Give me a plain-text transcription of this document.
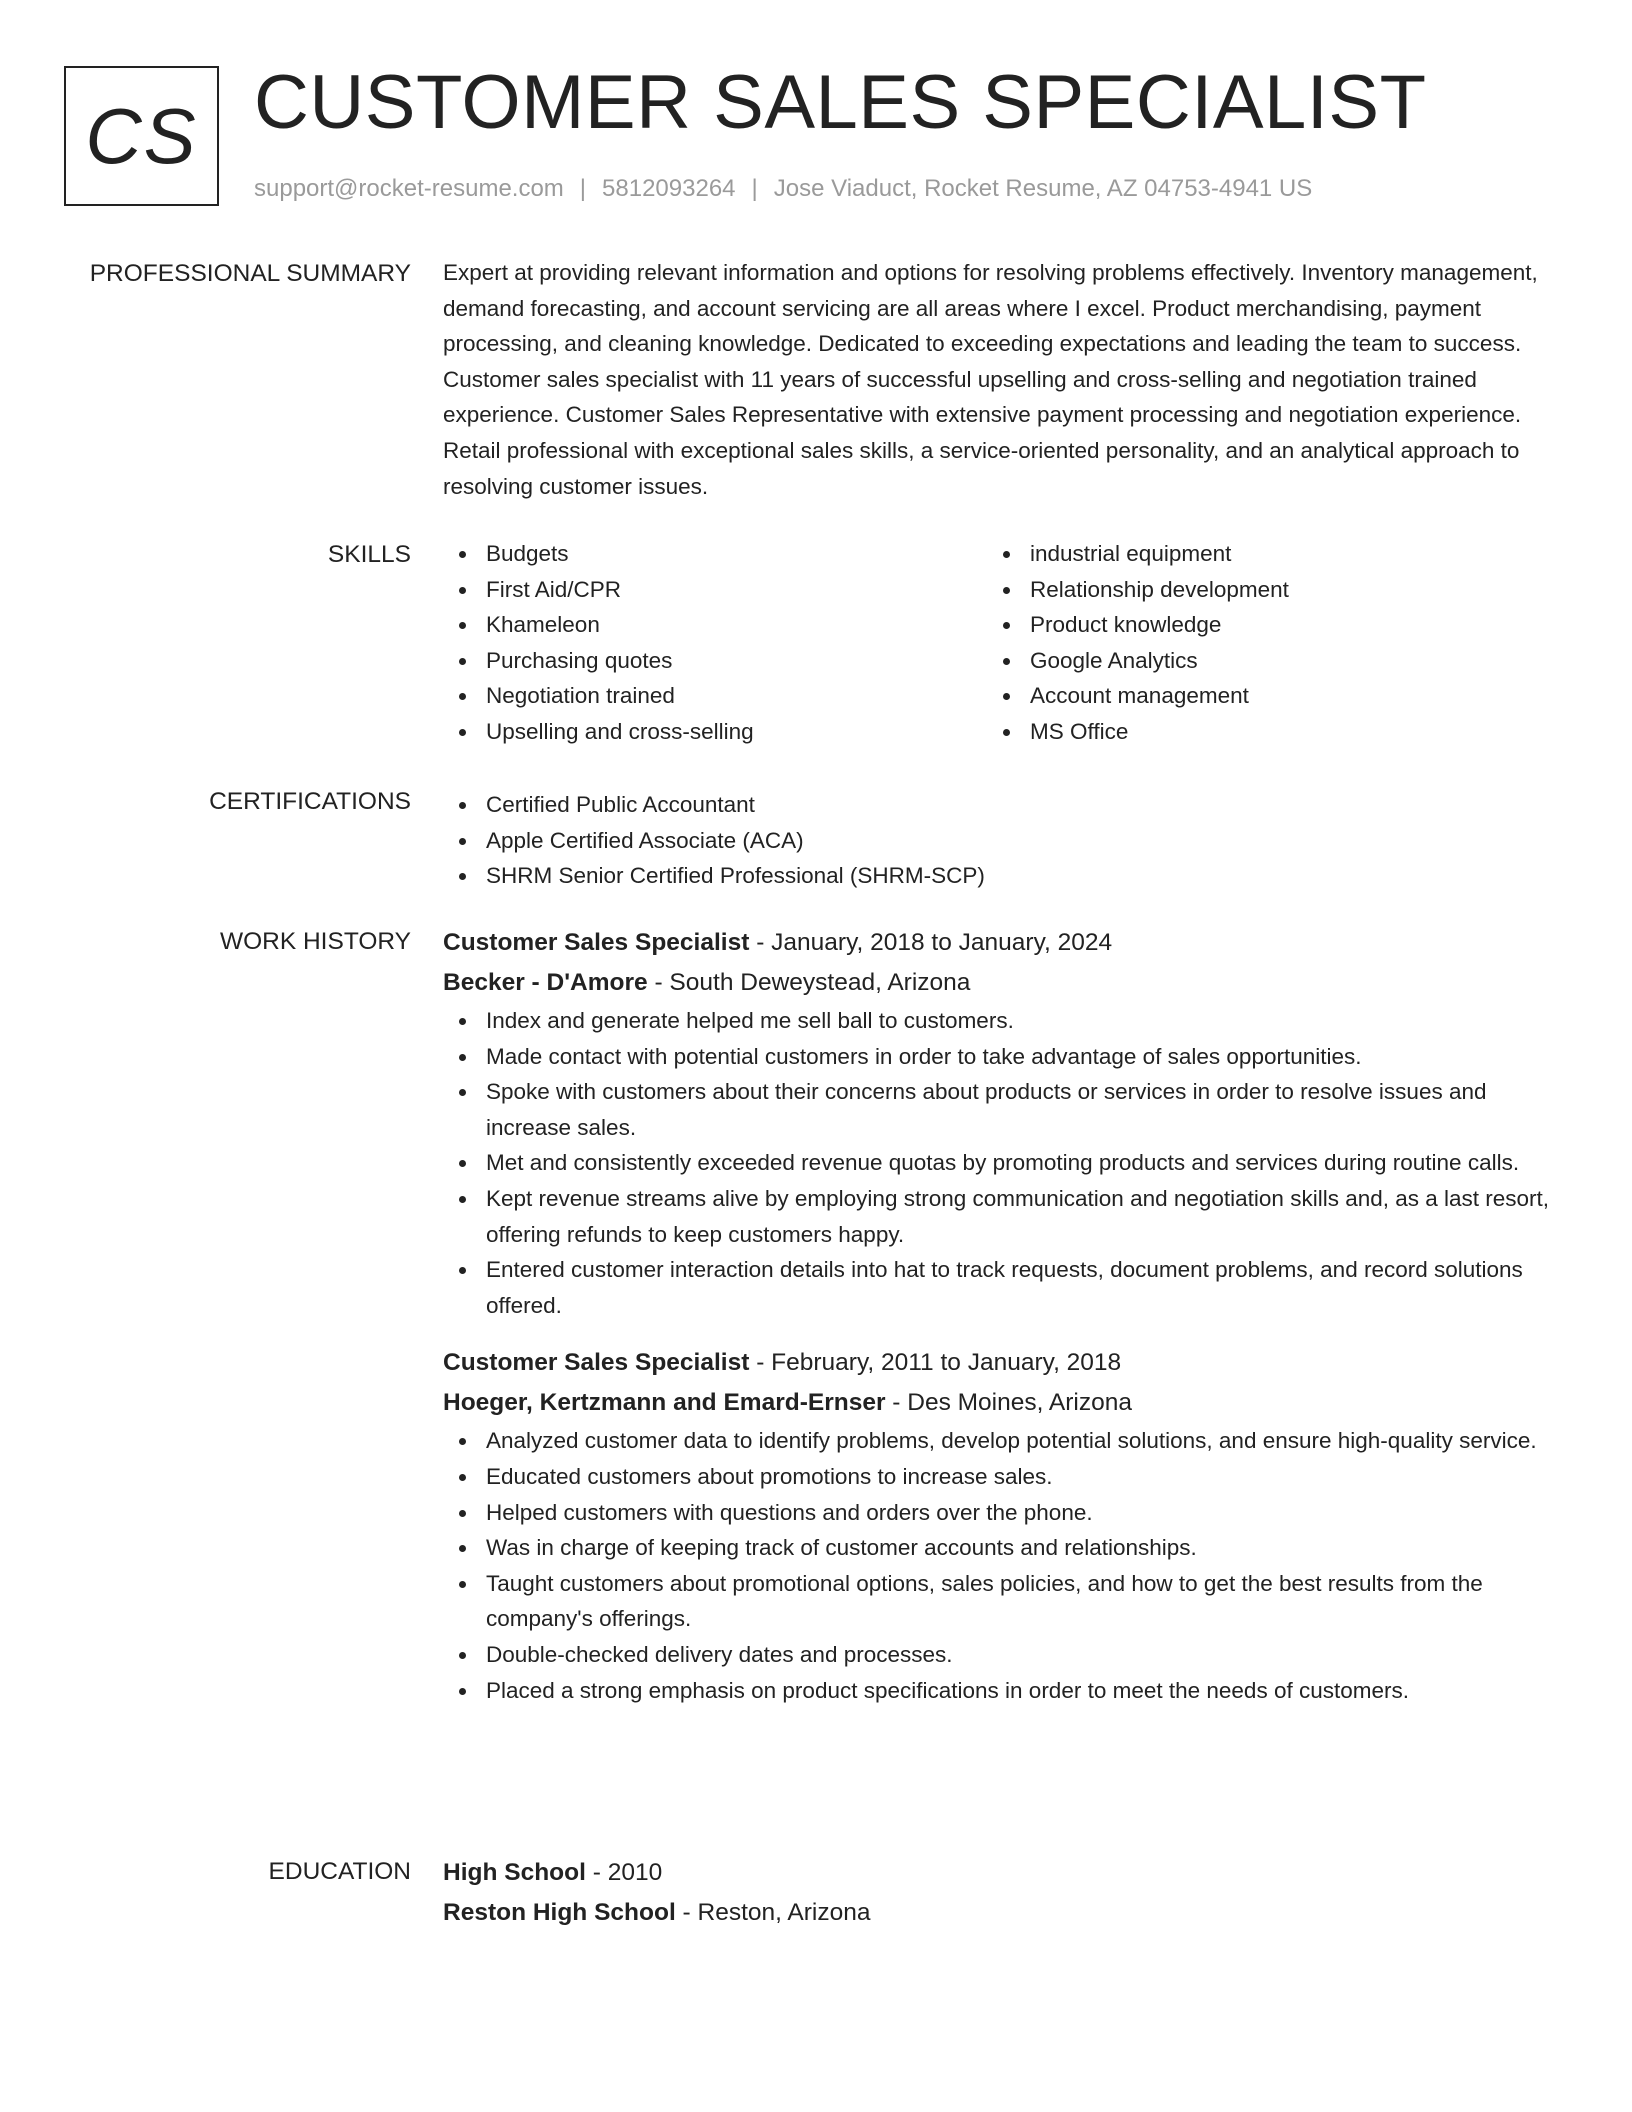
CS CUSTOMER SALES SPECIALIST
support@rocket-resume.com | 5812093264 | Jose Viaduct, Rocket Resume, AZ 04753-4941 US
PROFESSIONAL SUMMARY Expert at providing relevant information and options for resolving problems effectively. Inventory management, demand forecasting, and account servicing are all areas where I excel. Product merchandising, payment processing, and cleaning knowledge. Dedicated to exceeding expectations and leading the team to success. Customer sales specialist with 11 years of successful upselling and cross-selling and negotiation trained experience. Customer Sales Representative with extensive payment processing and negotiation experience. Retail professional with exceptional sales skills, a service-oriented personality, and an analytical approach to resolving customer issues.

SKILLS	Budgets
First Aid/CPR
Khameleon
Purchasing quotes
Negotiation trained
Upselling and cross-selling
industrial equipment
Relationship development
Product knowledge
Google Analytics
Account management
MS Office
CERTIFICATIONS	Certified Public Accountant
Apple Certified Associate (ACA)
SHRM Senior Certified Professional (SHRM-SCP)
WORK HISTORY Customer Sales Specialist - January, 2018 to January, 2024
Becker - D'Amore - South Deweystead, Arizona
Index and generate helped me sell ball to customers.
Made contact with potential customers in order to take advantage of sales opportunities.
Spoke with customers about their concerns about products or services in order to resolve issues and increase sales.
Met and consistently exceeded revenue quotas by promoting products and services during routine calls.
Kept revenue streams alive by employing strong communication and negotiation skills and, as a last resort, offering refunds to keep customers happy.
Entered customer interaction details into hat to track requests, document problems, and record solutions offered.
Customer Sales Specialist - February, 2011 to January, 2018
Hoeger, Kertzmann and Emard-Ernser - Des Moines, Arizona
Analyzed customer data to identify problems, develop potential solutions, and ensure high-quality service.
Educated customers about promotions to increase sales.
Helped customers with questions and orders over the phone.
Was in charge of keeping track of customer accounts and relationships.
Taught customers about promotional options, sales policies, and how to get the best results from the company's offerings.
Double-checked delivery dates and processes.
Placed a strong emphasis on product specifications in order to meet the needs of customers.
EDUCATION High School - 2010
Reston High School - Reston, Arizona
